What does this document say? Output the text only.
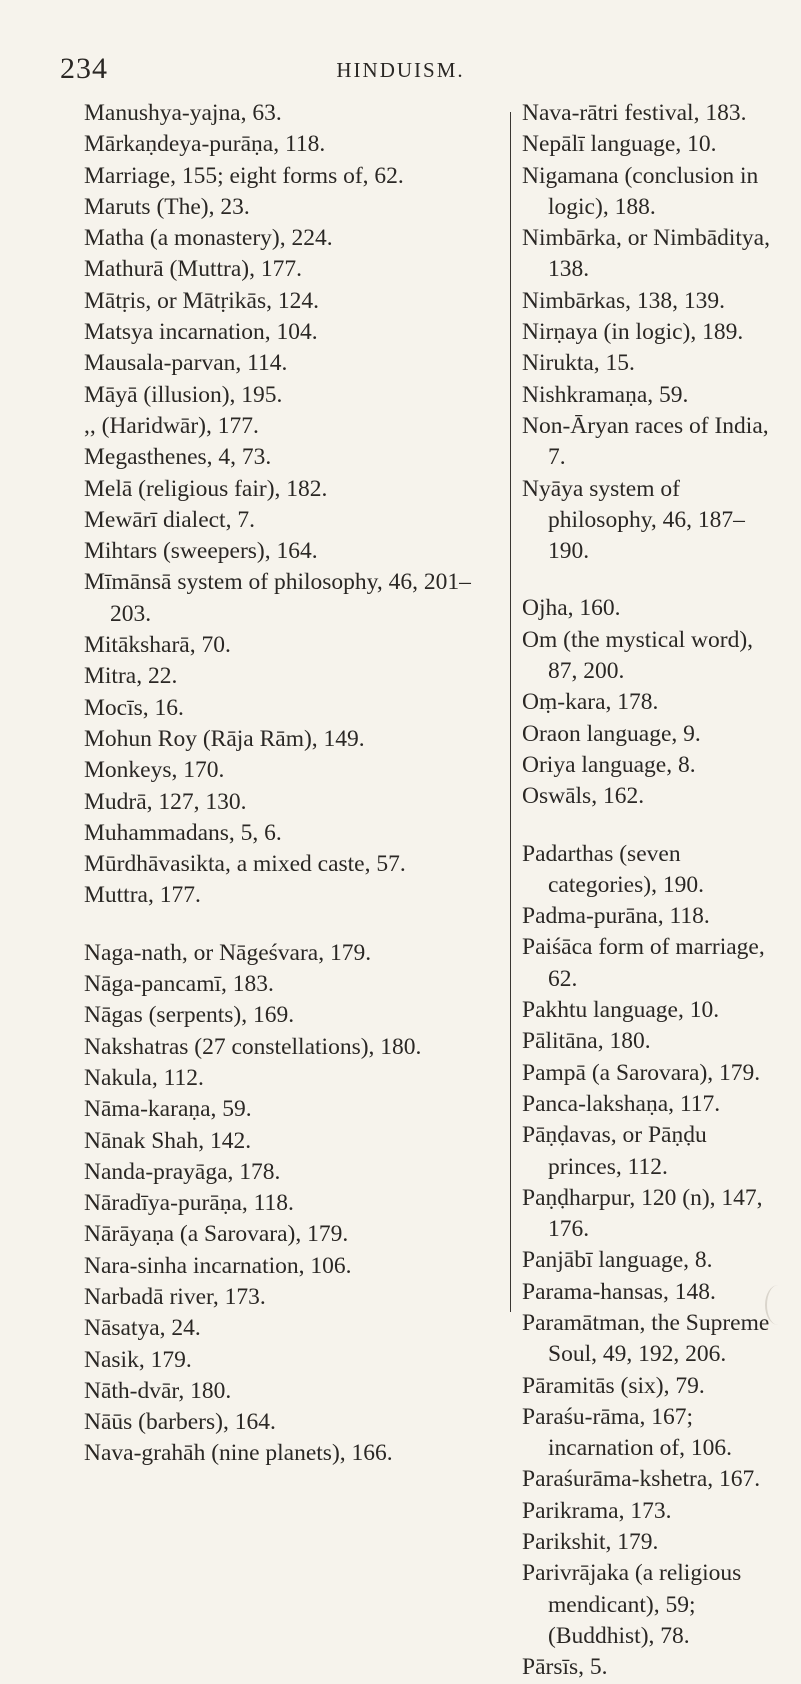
234	HINDUISM.

Manushya-yajna, 63.

Mārkaṇdeya-purāṇa, 118.

Marriage, 155; eight forms of, 62.

Maruts (The), 23.

Matha (a monastery), 224.

Mathurā (Muttra), 177.

Mātṛis, or Mātṛikās, 124.

Matsya incarnation, 104.

Mausala-parvan, 114.

Māyā (illusion), 195.

,, (Haridwār), 177.

Megasthenes, 4, 73.

Melā (religious fair), 182.

Mewārī dialect, 7.

Mihtars (sweepers), 164.

Mīmānsā system of philosophy, 46, 201–203.

Mitāksharā, 70.

Mitra, 22.

Mocīs, 16.

Mohun Roy (Rāja Rām), 149.

Monkeys, 170.

Mudrā, 127, 130.

Muhammadans, 5, 6.

Mūrdhāvasikta, a mixed caste, 57.

Muttra, 177.

Naga-nath, or Nāgeśvara, 179.

Nāga-pancamī, 183.

Nāgas (serpents), 169.

Nakshatras (27 constellations), 180.

Nakula, 112.

Nāma-karaṇa, 59.

Nānak Shah, 142.

Nanda-prayāga, 178.

Nāradīya-purāṇa, 118.

Nārāyaṇa (a Sarovara), 179.

Nara-sinha incarnation, 106.

Narbadā river, 173.

Nāsatya, 24.

Nasik, 179.

Nāth-dvār, 180.

Nāūs (barbers), 164.

Nava-grahāh (nine planets), 166.

Nava-rātri festival, 183.

Nepālī language, 10.

Nigamana (conclusion in logic), 188.

Nimbārka, or Nimbāditya, 138.

Nimbārkas, 138, 139.

Nirṇaya (in logic), 189.

Nirukta, 15.

Nishkramaṇa, 59.

Non-Āryan races of India, 7.

Nyāya system of philosophy, 46, 187–190.

Ojha, 160.

Om (the mystical word), 87, 200.

Oṃ-kara, 178.

Oraon language, 9.

Oriya language, 8.

Oswāls, 162.

Padarthas (seven categories), 190.

Padma-purāna, 118.

Paiśāca form of marriage, 62.

Pakhtu language, 10.

Pālitāna, 180.

Pampā (a Sarovara), 179.

Panca-lakshaṇa, 117.

Pāṇḍavas, or Pāṇḍu princes, 112.

Paṇḍharpur, 120 (n), 147, 176.

Panjābī language, 8.

Parama-hansas, 148.

Paramātman, the Supreme Soul, 49, 192, 206.

Pāramitās (six), 79.

Paraśu-rāma, 167; incarnation of, 106.

Paraśurāma-kshetra, 167.

Parikrama, 173.

Parikshit, 179.

Parivrājaka (a religious mendicant), 59; (Buddhist), 78.

Pārsīs, 5.
